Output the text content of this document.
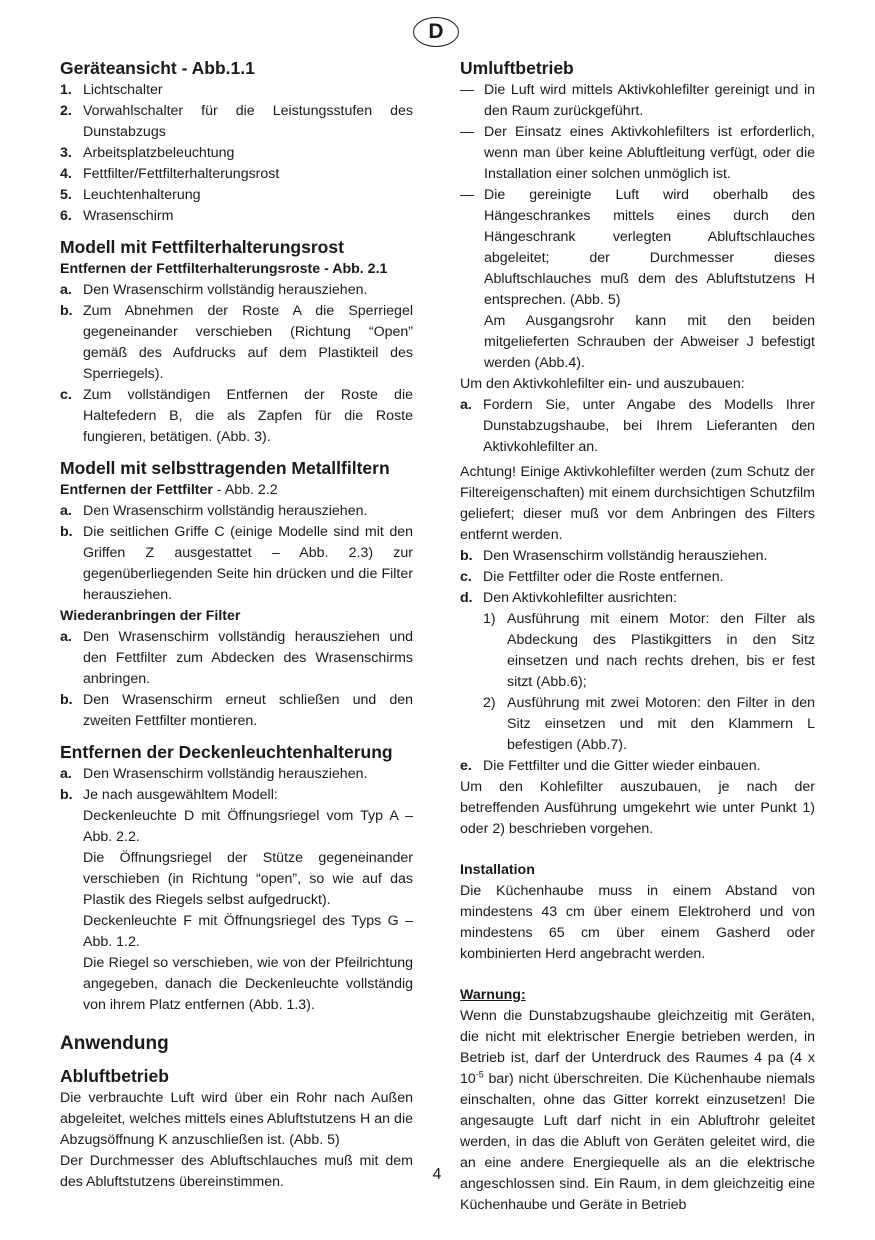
D
Geräteansicht - Abb.1.1
1. Lichtschalter
2. Vorwahlschalter für die Leistungsstufen des Dunstabzugs
3. Arbeitsplatzbeleuchtung
4. Fettfilter/Fettfilterhalterungsrost
5. Leuchtenhalterung
6. Wrasenschirm
Modell mit Fettfilterhalterungsrost
Entfernen der Fettfilterhalterungsroste - Abb. 2.1
a. Den Wrasenschirm vollständig herausziehen.
b. Zum Abnehmen der Roste A die Sperriegel gegeneinander verschieben (Richtung “Open” gemäß des Aufdrucks auf dem Plastikteil des Sperriegels).
c. Zum vollständigen Entfernen der Roste die Haltefedern B, die als Zapfen für die Roste fungieren, betätigen. (Abb. 3).
Modell mit selbsttragenden Metallfiltern
Entfernen der Fettfilter - Abb. 2.2
a. Den Wrasenschirm vollständig herausziehen.
b. Die seitlichen Griffe C (einige Modelle sind mit den Griffen Z ausgestattet – Abb. 2.3) zur gegenüberliegenden Seite hin drücken und die Filter herausziehen.
Wiederanbringen der Filter
a. Den Wrasenschirm vollständig herausziehen und den Fettfilter zum Abdecken des Wrasenschirms anbringen.
b. Den Wrasenschirm erneut schließen und den zweiten Fettfilter montieren.
Entfernen der Deckenleuchtenhalterung
a. Den Wrasenschirm vollständig herausziehen.
b. Je nach ausgewähltem Modell:

Deckenleuchte D mit Öffnungsriegel vom Typ A – Abb. 2.2.

Die Öffnungsriegel der Stütze gegeneinander verschieben (in Richtung “open”, so wie auf das Plastik des Riegels selbst aufgedruckt).

Deckenleuchte F mit Öffnungsriegel des Typs G – Abb. 1.2.

Die Riegel so verschieben, wie von der Pfeilrichtung angegeben, danach die Deckenleuchte vollständig von ihrem Platz entfernen (Abb. 1.3).

Anwendung
Abluftbetrieb

Die verbrauchte Luft wird über ein Rohr nach Außen abgeleitet, welches mittels eines Abluftstutzens H an die Abzugsöffnung K anzuschließen ist. (Abb. 5)

Der Durchmesser des Abluftschlauches muß mit dem des Abluftstutzens übereinstimmen.

Umluftbetrieb
— Die Luft wird mittels Aktivkohlefilter gereinigt und in den Raum zurückgeführt.
— Der Einsatz eines Aktivkohlefilters ist erforderlich, wenn man über keine Abluftleitung verfügt, oder die Installation einer solchen unmöglich ist.
— Die gereinigte Luft wird oberhalb des Hängeschrankes mittels eines durch den Hängeschrank verlegten Abluftschlauches abgeleitet; der Durchmesser dieses Abluftschlauches muß dem des Abluftstutzens H entsprechen. (Abb. 5)

Am Ausgangsrohr kann mit den beiden mitgelieferten Schrauben der Abweiser J befestigt werden (Abb.4).

Um den Aktivkohlefilter ein- und auszubauen:

a. Fordern Sie, unter Angabe des Modells Ihrer Dunstabzugshaube, bei Ihrem Lieferanten den Aktivkohlefilter an.

Achtung! Einige Aktivkohlefilter werden (zum Schutz der Filtereigenschaften) mit einem durchsichtigen Schutzfilm geliefert; dieser muß vor dem Anbringen des Filters entfernt werden.

b. Den Wrasenschirm vollständig herausziehen.
c. Die Fettfilter oder die Roste entfernen.
d. Den Aktivkohlefilter ausrichten:
1) Ausführung mit einem Motor: den Filter als Abdeckung des Plastikgitters in den Sitz einsetzen und nach rechts drehen, bis er fest sitzt (Abb.6);
2) Ausführung mit zwei Motoren: den Filter in den Sitz einsetzen und mit den Klammern L befestigen (Abb.7).
e. Die Fettfilter und die Gitter wieder einbauen.

Um den Kohlefilter auszubauen, je nach der betreffenden Ausführung umgekehrt wie unter Punkt 1) oder 2) beschrieben vorgehen.

Installation

Die Küchenhaube muss in einem Abstand von mindestens 43 cm über einem Elektroherd und von mindestens 65 cm über einem Gasherd oder kombinierten Herd angebracht werden.

Warnung:

Wenn die Dunstabzugshaube gleichzeitig mit Geräten, die nicht mit elektrischer Energie betrieben werden, in Betrieb ist, darf der Unterdruck des Raumes 4 pa (4 x $10^{-5}$ bar) nicht überschreiten. Die Küchenhaube niemals einschalten, ohne das Gitter korrekt einzusetzen! Die angesaugte Luft darf nicht in ein Abluftrohr geleitet werden, in das die Abluft von Geräten geleitet wird, die an eine andere Energiequelle als an die elektrische angeschlossen sind. Ein Raum, in dem gleichzeitig eine Küchenhaube und Geräte in Betrieb

4
